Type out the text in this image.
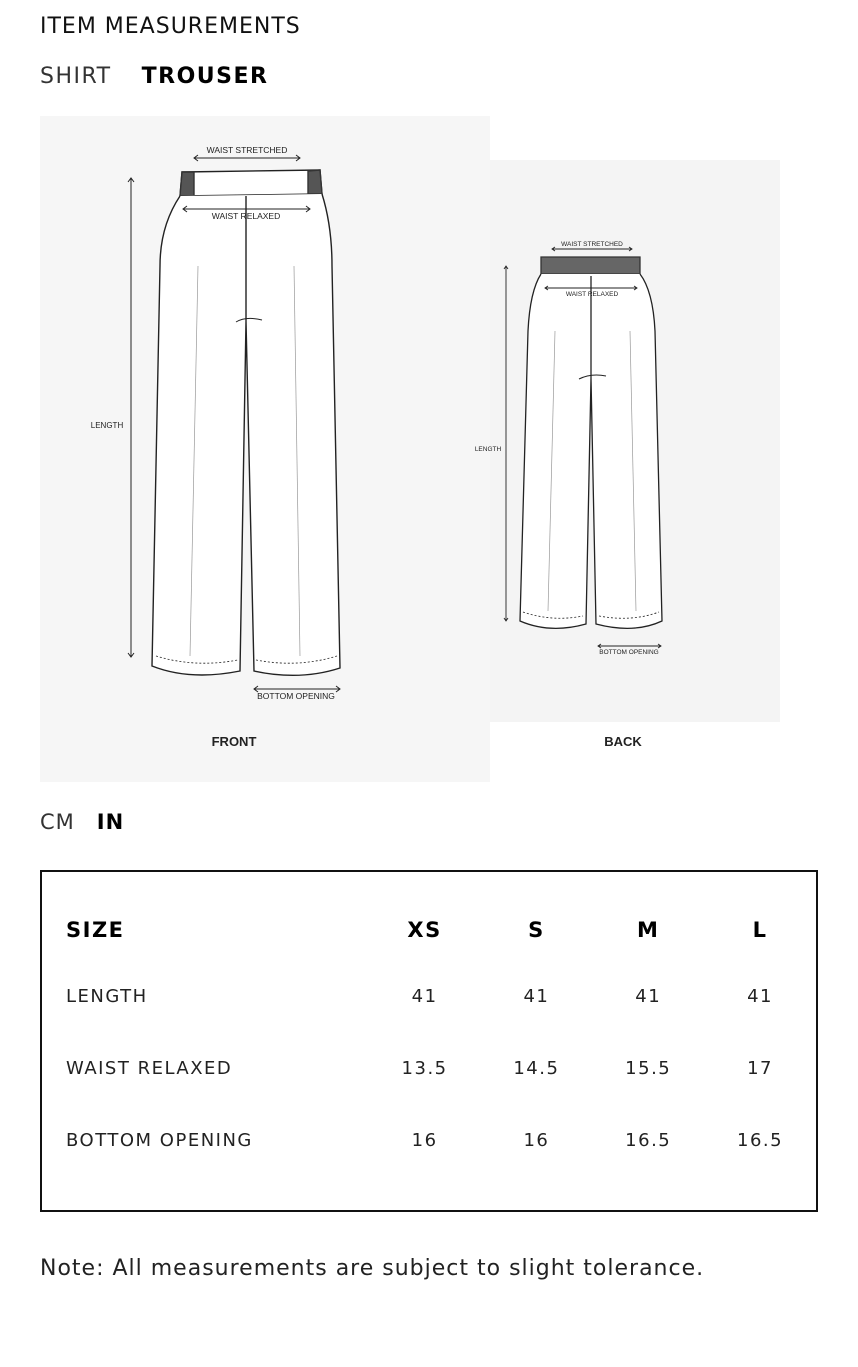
ITEM MEASUREMENTS
SHIRT TROUSER
WAIST STRETCHED
WAIST RELAXED
LENGTH
BOTTOM OPENING
FRONT
WAIST STRETCHED
WAIST RELAXED
LENGTH
BOTTOM OPENING
BACK
CM IN
SIZE	XS	S	M	L
LENGTH	41	41	41	41
WAIST RELAXED	13.5	14.5	15.5	17
BOTTOM OPENING	16	16	16.5	16.5

Note: All measurements are subject to slight tolerance.
